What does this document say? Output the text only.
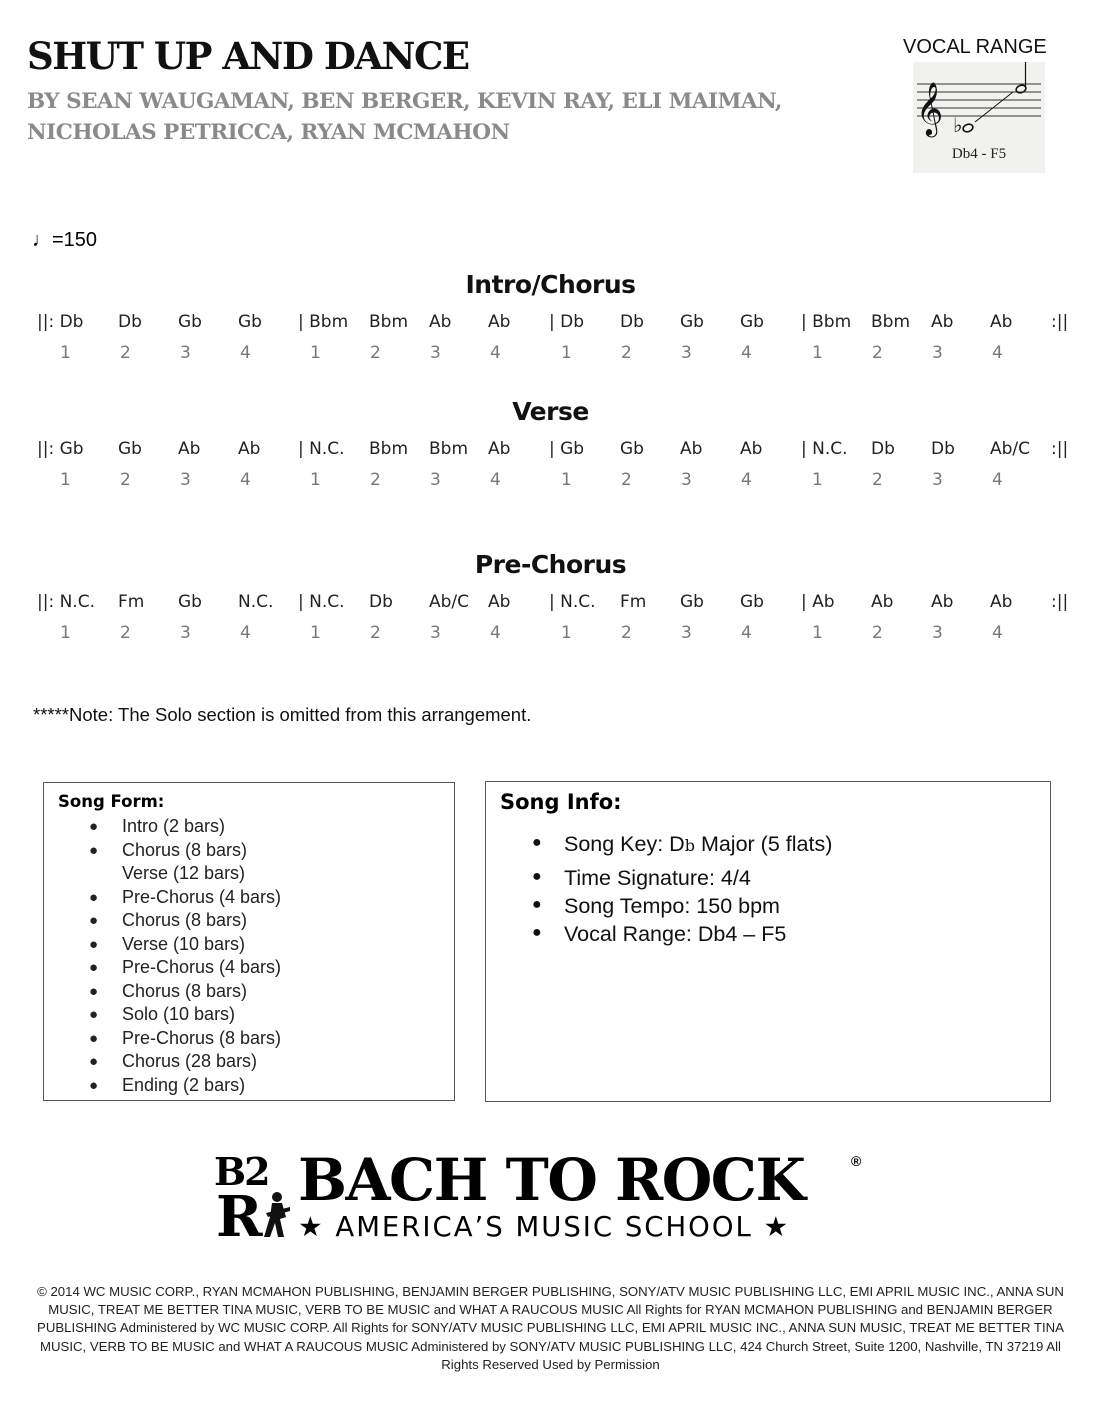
SHUT UP AND DANCE

BY SEAN WAUGAMAN, BEN BERGER, KEVIN RAY, ELI MAIMAN, NICHOLAS PETRICCA, RYAN MCMAHON

VOCAL RANGE
𝄞 ♭
Db4 - F5
♩=150
Intro/Chorus
Verse
Pre-Chorus
||: Db Db Gb Gb | Bbm Bbm Ab Ab | Db Db Gb Gb | Bbm Bbm Ab Ab :||
1	2	3	4	1	2	3	4	1	2	3	4	1	2	3	4
||: Gb Gb Ab Ab | N.C. Bbm Bbm Ab | Gb Gb Ab Ab | N.C. Db Db Ab/C :||
1	2	3	4	1	2	3	4	1	2	3	4	1	2	3	4
||: N.C. Fm Gb N.C. | N.C. Db Ab/C Ab | N.C. Fm Gb Gb | Ab Ab Ab Ab :||
1	2	3	4	1	2	3	4	1	2	3	4	1	2	3	4
*****Note: The Solo section is omitted from this arrangement.
Song Form:
● Intro (2 bars)
● Chorus (8 bars)
Verse (12 bars)
● Pre-Chorus (4 bars)
● Chorus (8 bars)
● Verse (10 bars)
● Pre-Chorus (4 bars)
● Chorus (8 bars)
● Solo (10 bars)
● Pre-Chorus (8 bars)
● Chorus (28 bars)
● Ending (2 bars)
Song Info:
● Song Key: Db Major (5 flats)
● Time Signature: 4/4
● Song Tempo: 150 bpm
● Vocal Range: Db4 – F5
B2
R
BACH TO ROCK	®
★ AMERICA’S MUSIC SCHOOL ★

© 2014 WC MUSIC CORP., RYAN MCMAHON PUBLISHING, BENJAMIN BERGER PUBLISHING, SONY/ATV MUSIC PUBLISHING LLC, EMI APRIL MUSIC INC., ANNA SUN MUSIC, TREAT ME BETTER TINA MUSIC, VERB TO BE MUSIC and WHAT A RAUCOUS MUSIC All Rights for RYAN MCMAHON PUBLISHING and BENJAMIN BERGER PUBLISHING Administered by WC MUSIC CORP. All Rights for SONY/ATV MUSIC PUBLISHING LLC, EMI APRIL MUSIC INC., ANNA SUN MUSIC, TREAT ME BETTER TINA MUSIC, VERB TO BE MUSIC and WHAT A RAUCOUS MUSIC Administered by SONY/ATV MUSIC PUBLISHING LLC, 424 Church Street, Suite 1200, Nashville, TN 37219 All Rights Reserved Used by Permission
